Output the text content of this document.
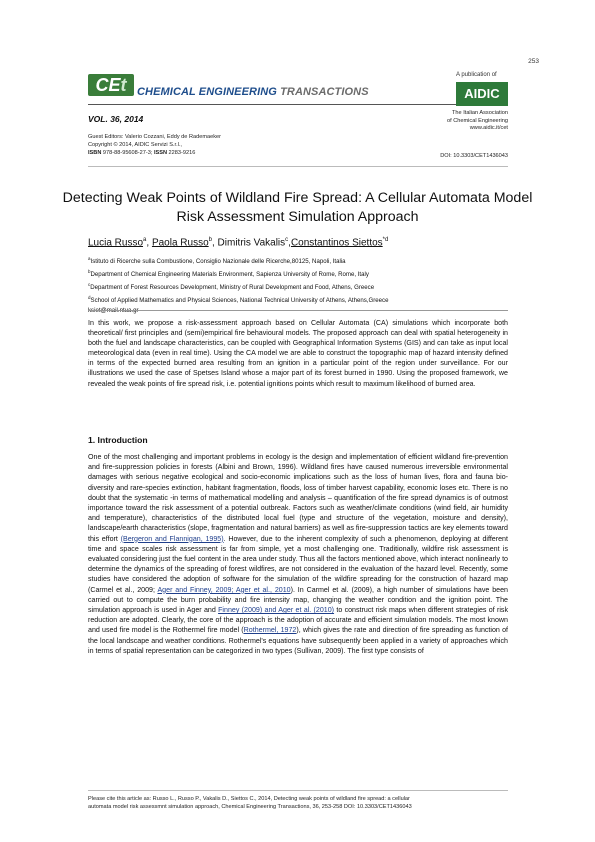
253
CEt CHEMICAL ENGINEERING TRANSACTIONS
VOL. 36, 2014
Guest Editors: Valerio Cozzani, Eddy de Rademaeker
Copyright © 2014, AIDIC Servizi S.r.l.,
ISBN 978-88-95608-27-3; ISSN 2283-9216
A publication of
AIDIC
The Italian Association
of Chemical Engineering
www.aidic.it/cet
DOI: 10.3303/CET1436043
Detecting Weak Points of Wildland Fire Spread: A Cellular Automata Model Risk Assessment Simulation Approach
Lucia Russo$^a$, Paola Russo$^b$, Dimitris Vakalis$^c$,Constantinos Siettos$^{*d}$
$^a$Istituto di Ricerche sulla Combustione, Consiglio Nazionale delle Ricerche,80125, Napoli, Italia
$^b$Department of Chemical Engineering Materials Environment, Sapienza University of Rome, Rome, Italy
$^c$Department of Forest Resources Development, Ministry of Rural Development and Food, Athens, Greece
$^d$School of Applied Mathematics and Physical Sciences, National Technical University of Athens, Athens,Greece
In this work, we propose a risk-assessment approach based on Cellular Automata (CA) simulations which incorporate both theoretical/ first principles and (semi)empirical fire behavioural models. The proposed approach can deal with spatial heterogeneity in both the fuel and landscape characteristics, can be coupled with Geographical Information Systems (GIS) and can take as input local meteorological data (even in real time). Using the CA model we are able to construct the topographic map of hazard intensity defined in terms of the expected burned area resulting from an ignition in a particular point of the region under surveillance. For our illustrations we used the case of Spetses Island whose a major part of its forest burned in 1990. Using the proposed framework, we revealed the weak points of fire spread risk, i.e. potential ignitions points which result to maximum likelihood of burned area.
1. Introduction
One of the most challenging and important problems in ecology is the design and implementation of efficient wildland fire-prevention and fire-suppression policies in forests (Albini and Brown, 1996). Wildland fires have caused numerous irreversible environmental damages with serious negative ecological and socio-economic implications such as the loss of human lives, flora and fauna bio-diversity and rare-species extinction, habitant fragmentation, floods, loss of timber harvest capability, economic loses etc. There is no doubt that the systematic -in terms of mathematical modelling and analysis – quantification of the fire spread dynamics is of outmost importance toward the risk assessment of a potential outbreak. Factors such as weather/climate conditions (wind field, air humidity and temperature), characteristics of the distributed local fuel (type and structure of the vegetation, moisture and density), landscape/earth characteristics (slope, fragmentation and natural barriers) as well as fire-suppression tactics are key elements toward this effort (Bergeron and Flannigan, 1995). However, due to the inherent complexity of such a phenomenon, deploying at different time and space scales risk assessment is far from simple, yet a most challenging one. Traditionally, wildfire risk assessment is evaluated considering just the fuel content in the area under study. Thus all the factors mentioned above, which interact nonlinearly to determine the dynamics of the spreading of forest wildfires, are not considered in the evaluation of the hazard level. Recently, some studies have considered the adoption of software for the simulation of the wildfire spreading for the construction of hazard map (Carmel et al., 2009; Ager and Finney, 2009; Ager et al., 2010). In Carmel et al. (2009), a high number of simulations have been carried out to compute the burn probability and fire intensity map, changing the weather condition and the ignition point. The simulation approach is used in Ager and Finney (2009) and Ager et al. (2010) to construct risk maps when different strategies of risk reduction are adopted. Clearly, the core of the approach is the adoption of accurate and efficient simulation models. The most known and used fire model is the Rothermel fire model (Rothermel, 1972), which gives the rate and direction of fire spreading as function of the local landscape and weather conditions. Rothermel's equations have subsequently been applied in a variety of approaches which in terms of spatial representation can be categorized in two types (Sullivan, 2009). The first type consists of
Please cite this article as: Russo L., Russo P., Vakalis D., Siettos C., 2014, Detecting weak points of wildland fire spread: a cellular
automata model risk assessmnt simulation approach, Chemical Engineering Transactions, 36, 253-258 DOI: 10.3303/CET1436043
